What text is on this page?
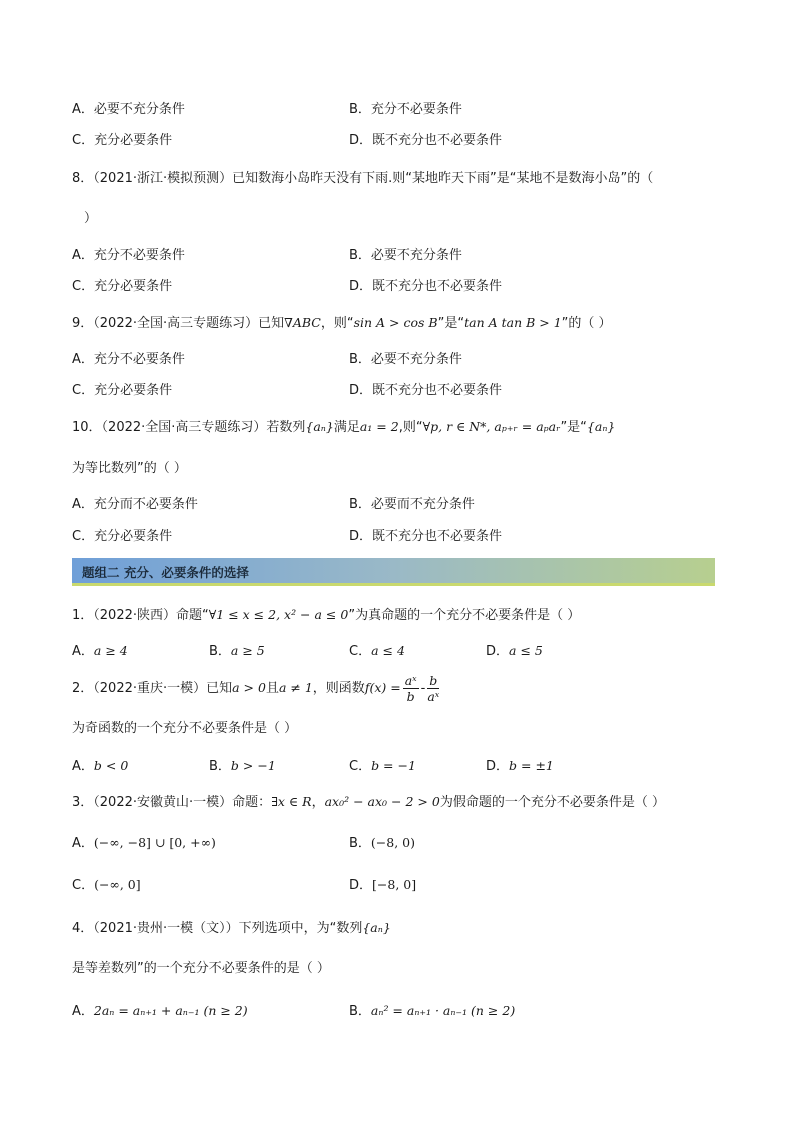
A．必要不充分条件	B．充分不必要条件
C．充分必要条件	D．既不充分也不必要条件
8．（2021·浙江·模拟预测）已知数海小岛昨天没有下雨.则“某地昨天下雨”是“某地不是数海小岛”的（
）
A．充分不必要条件	B．必要不充分条件
C．充分必要条件	D．既不充分也不必要条件
9．（2022·全国·高三专题练习）已知∇ABC，则“sin A > cos B”是“tan A tan B > 1”的（ ）
A．充分不必要条件	B．必要不充分条件
C．充分必要条件	D．既不充分也不必要条件
10．（2022·全国·高三专题练习）若数列{aₙ}满足a₁ = 2,则“∀p, r ∈ N*, aₚ₊ᵣ = aₚaᵣ”是“{aₙ}
为等比数列”的（ ）
A．充分而不必要条件	B．必要而不充分条件
C．充分必要条件	D．既不充分也不必要条件
题组二 充分、必要条件的选择
1．（2022·陕西）命题“∀1 ≤ x ≤ 2, x² − a ≤ 0”为真命题的一个充分不必要条件是（ ）
A．a ≥ 4	B．a ≥ 5	C．a ≤ 4	D．a ≤ 5
2．（2022·重庆·一模）已知a > 0且a ≠ 1，则函数$f(x) = \frac{\text{aˣ}}{b} - \frac{b}{\text{aˣ}}$
为奇函数的一个充分不必要条件是（ ）
A．b < 0	B．b > −1	C．b = −1	D．b = ±1
3．（2022·安徽黄山·一模）命题：∃x ∈ R，ax₀² − ax₀ − 2 > 0为假命题的一个充分不必要条件是（ ）
A．(−∞, −8] ∪ [0, +∞)	B．(−8, 0)
C．(−∞, 0]	D．[−8, 0]
4．（2021·贵州·一模（文））下列选项中，为“数列{aₙ}
是等差数列”的一个充分不必要条件的是（ ）
A．2aₙ = aₙ₊₁ + aₙ₋₁ (n ≥ 2)	B．aₙ² = aₙ₊₁ · aₙ₋₁ (n ≥ 2)
